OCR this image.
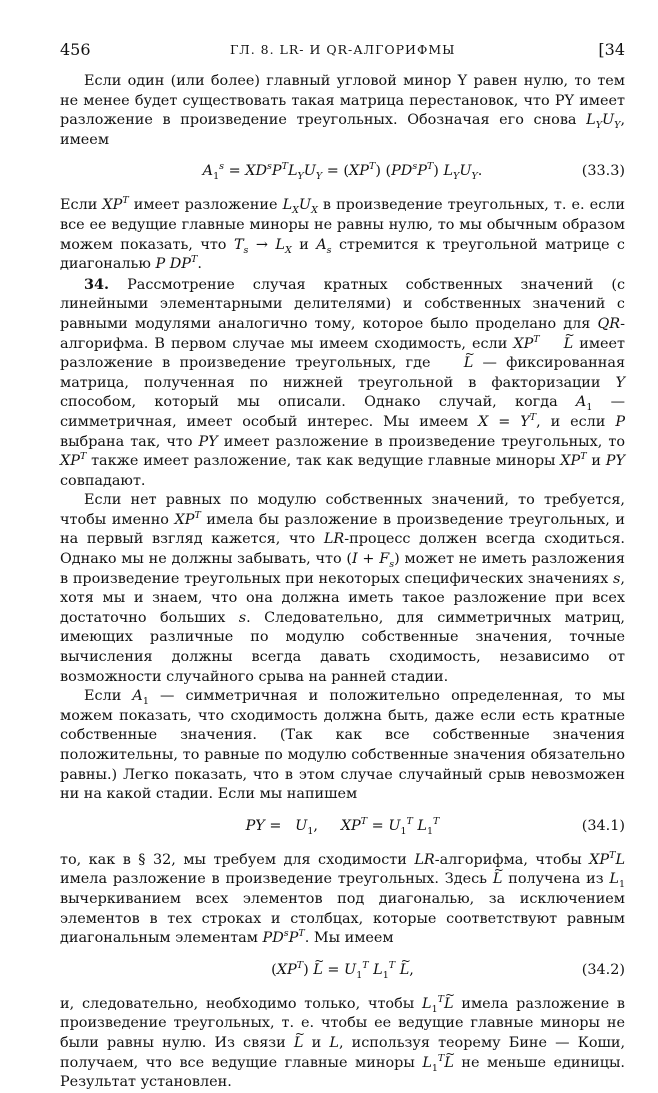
456	ГЛ. 8. LR- И QR-АЛГОРИФМЫ	[34

Если один (или более) главный угловой минор Y равен нулю, то тем не менее будет существовать такая матрица перестановок, что PY имеет разложение в произведение треугольных. Обозначая его снова $L_YU_Y$, имеем

$A_1^s = XD^sP^TL_YU_Y = (XP^T)$ $(PD^sP^T)$ $L_YU_Y$.	(33.3)

Если $XP^T$ имеет разложение $L_XU_X$ в произведение треугольных, т. е. если все ее ведущие главные миноры не равны нулю, то мы обычным образом можем показать, что $T_s \to L_X$ и $A_s$ стремится к треугольной матрице с диагональю P $DP^T$.

34. Рассмотрение случая кратных собственных значений (с линейными элементарными делителями) и собственных значений с равными модулями аналогично тому, которое было проделано для QR-алгорифма. В первом случае мы имеем сходимость, если $XP^T\sim$ L имеет разложение в произведение треугольных, где ~ L — фиксированная матрица, полученная по нижней треугольной в факторизации Y способом, который мы описали. Однако случай, когда $A_1$ — симметричная, имеет особый интерес. Мы имеем $X = Y^T$, и если P выбрана так, что PY имеет разложение в произведение треугольных, то $XP^T$ также имеет разложение, так как ведущие главные миноры $XP^T$ и PY совпадают.

Если нет равных по модулю собственных значений, то требуется, чтобы именно $XP^T$ имела бы разложение в произведение треугольных, и на первый взгляд кажется, что LR-процесс должен всегда сходиться. Однако мы не должны забывать, что $(I + F_s)$ может не иметь разложения в произведение треугольных при некоторых специфических значениях s, хотя мы и знаем, что она должна иметь такое разложение при всех достаточно больших s. Следовательно, для симметричных матриц, имеющих различные по модулю собственные значения, точные вычисления должны всегда давать сходимость, независимо от возможности случайного срыва на ранней стадии.

Если $A_1$ — симметричная и положительно определенная, то мы можем показать, что сходимость должна быть, даже если есть кратные собственные значения. (Так как все собственные значения положительны, то равные по модулю собственные значения обязательно равны.) Легко показать, что в этом случае случайный срыв невозможен ни на какой стадии. Если мы напишем

PY =   $U_1$,     $XP^T = U_1^T$ $L_1^T$	(34.1)

то, как в § 32, мы требуем для сходимости LR-алгорифма, чтобы $XP^TL$ имела разложение в произведение треугольных. Здесь ~ L получена из $L_1$ вычеркиванием всех элементов под диагональю, за исключением элементов в тех строках и столбцах, которые соответствуют равным диагональным элементам $PD^sP^T$. Мы имеем

$(XP^T)$ ~ $L = U_1^T$ $L_1^T$ ~ L,	(34.2)

и, следовательно, необходимо только, чтобы $L_1^T\sim$ L имела разложение в произведение треугольных, т. е. чтобы ее ведущие главные миноры не были равны нулю. Из связи ~ L и L, используя теорему Бине — Коши, получаем, что все ведущие главные миноры $L_1^T\sim$ L не меньше единицы. Результат установлен.
